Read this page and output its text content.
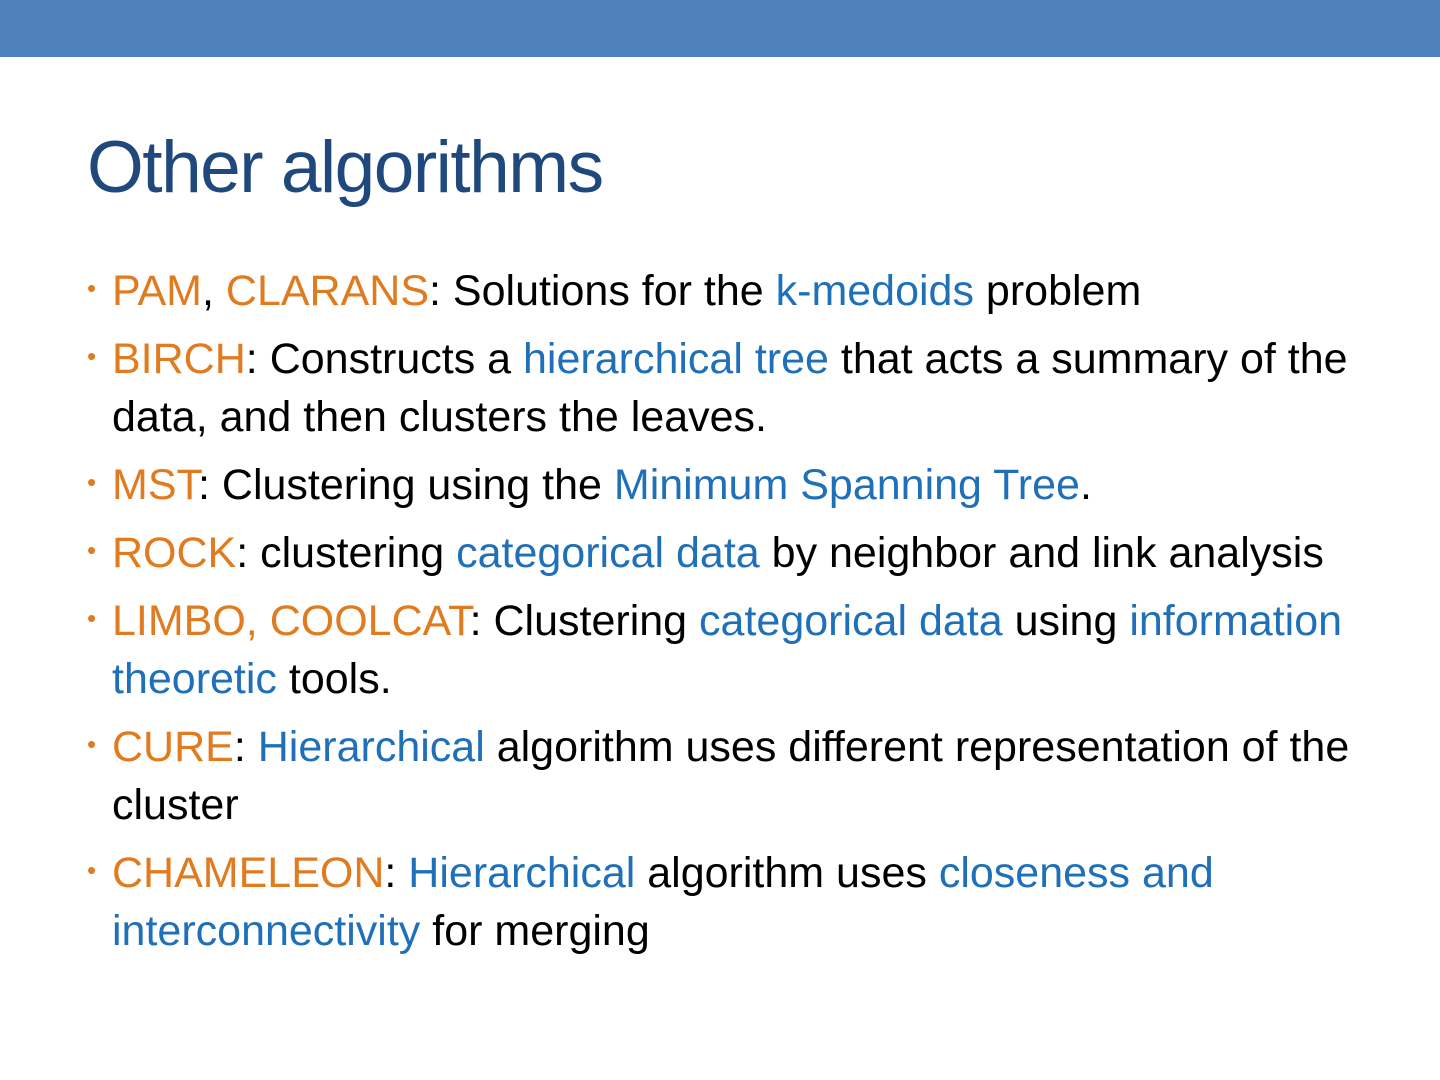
Other algorithms
• PAM, CLARANS: Solutions for the k-medoids problem
• BIRCH: Constructs a hierarchical tree that acts a summary of the data, and then clusters the leaves.
• MST: Clustering using the Minimum Spanning Tree.
• ROCK: clustering categorical data by neighbor and link analysis
• LIMBO, COOLCAT: Clustering categorical data using information theoretic tools.
• CURE: Hierarchical algorithm uses different representation of the cluster
• CHAMELEON: Hierarchical algorithm uses closeness and interconnectivity for merging
